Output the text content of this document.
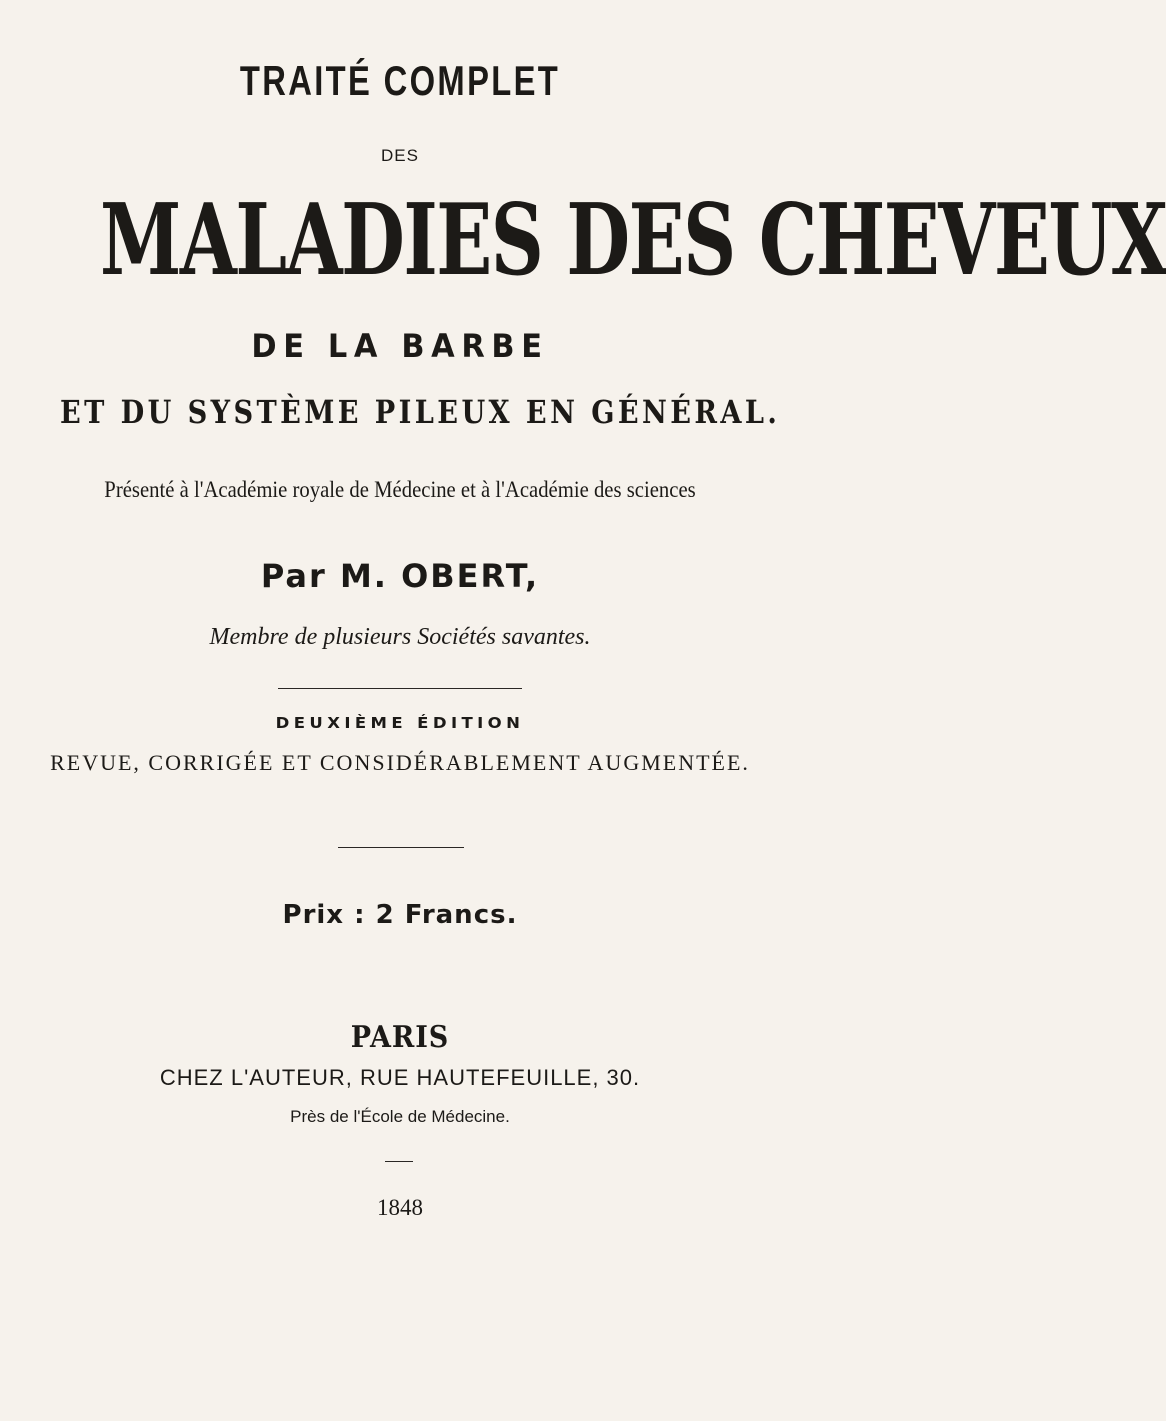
TRAITÉ COMPLET
DES
MALADIES DES CHEVEUX
DE LA BARBE
ET DU SYSTÈME PILEUX EN GÉNÉRAL.
Présenté à l'Académie royale de Médecine et à l'Académie des sciences
Par M. OBERT,
Membre de plusieurs Sociétés savantes.
DEUXIÈME ÉDITION
REVUE, CORRIGÉE ET CONSIDÉRABLEMENT AUGMENTÉE.
Prix : 2 Francs.
PARIS
CHEZ L'AUTEUR, RUE HAUTEFEUILLE, 30.
Près de l'École de Médecine.
1848
